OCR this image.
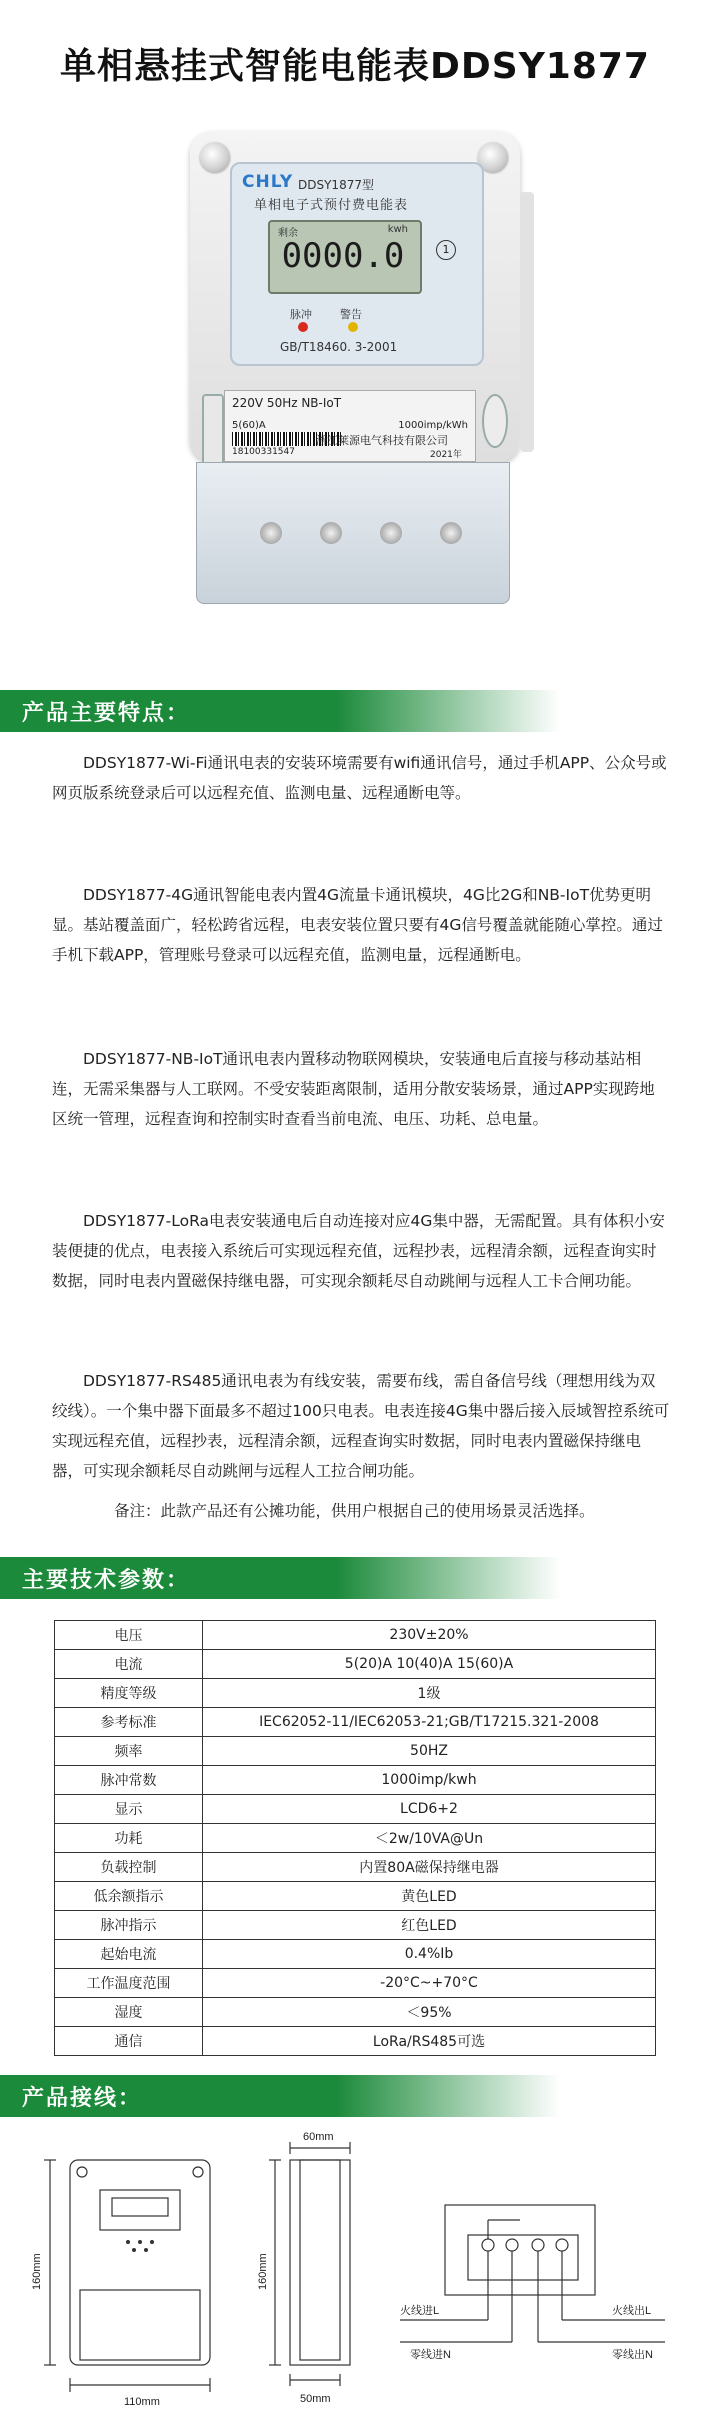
单相悬挂式智能电能表DDSY1877
CHLY DDSY1877型
单相电子式预付费电能表
剩余	kwh
0000.0	1
脉冲	警告
GB/T18460. 3-2001
220V 50Hz NB-IoT
5(60)A	1000imp/kWh
18100331547	2021年
浙江莱源电气科技有限公司
产品主要特点：

DDSY1877-Wi-Fi通讯电表的安装环境需要有wifi通讯信号，通过手机APP、公众号或网页版系统登录后可以远程充值、监测电量、远程通断电等。

DDSY1877-4G通讯智能电表内置4G流量卡通讯模块，4G比2G和NB-IoT优势更明显。基站覆盖面广，轻松跨省远程，电表安装位置只要有4G信号覆盖就能随心掌控。通过手机下载APP，管理账号登录可以远程充值，监测电量，远程通断电。

DDSY1877-NB-IoT通讯电表内置移动物联网模块，安装通电后直接与移动基站相连，无需采集器与人工联网。不受安装距离限制，适用分散安装场景，通过APP实现跨地区统一管理，远程查询和控制实时查看当前电流、电压、功耗、总电量。

DDSY1877-LoRa电表安装通电后自动连接对应4G集中器，无需配置。具有体积小安装便捷的优点，电表接入系统后可实现远程充值，远程抄表，远程清余额，远程查询实时数据，同时电表内置磁保持继电器，可实现余额耗尽自动跳闸与远程人工卡合闸功能。

DDSY1877-RS485通讯电表为有线安装，需要布线，需自备信号线（理想用线为双绞线）。一个集中器下面最多不超过100只电表。电表连接4G集中器后接入辰域智控系统可实现远程充值，远程抄表，远程清余额，远程查询实时数据，同时电表内置磁保持继电器，可实现余额耗尽自动跳闸与远程人工拉合闸功能。

备注：此款产品还有公摊功能，供用户根据自己的使用场景灵活选择。

主要技术参数：
电压	230V±20%
电流	5(20)A 10(40)A 15(60)A
精度等级	1级
参考标准	IEC62052-11/IEC62053-21;GB/T17215.321-2008
频率	50HZ
脉冲常数	1000imp/kwh
显示	LCD6+2
功耗	＜2w/10VA@Un
负载控制	内置80A磁保持继电器
低余额指示	黄色LED
脉冲指示	红色LED
起始电流	0.4%Ib
工作温度范围	-20°C~+70°C
湿度	＜95%
通信	LoRa/RS485可选
产品接线：
110mm
160mm
60mm
50mm
160mm
火线进L	火线出L
零线进N	零线出N
